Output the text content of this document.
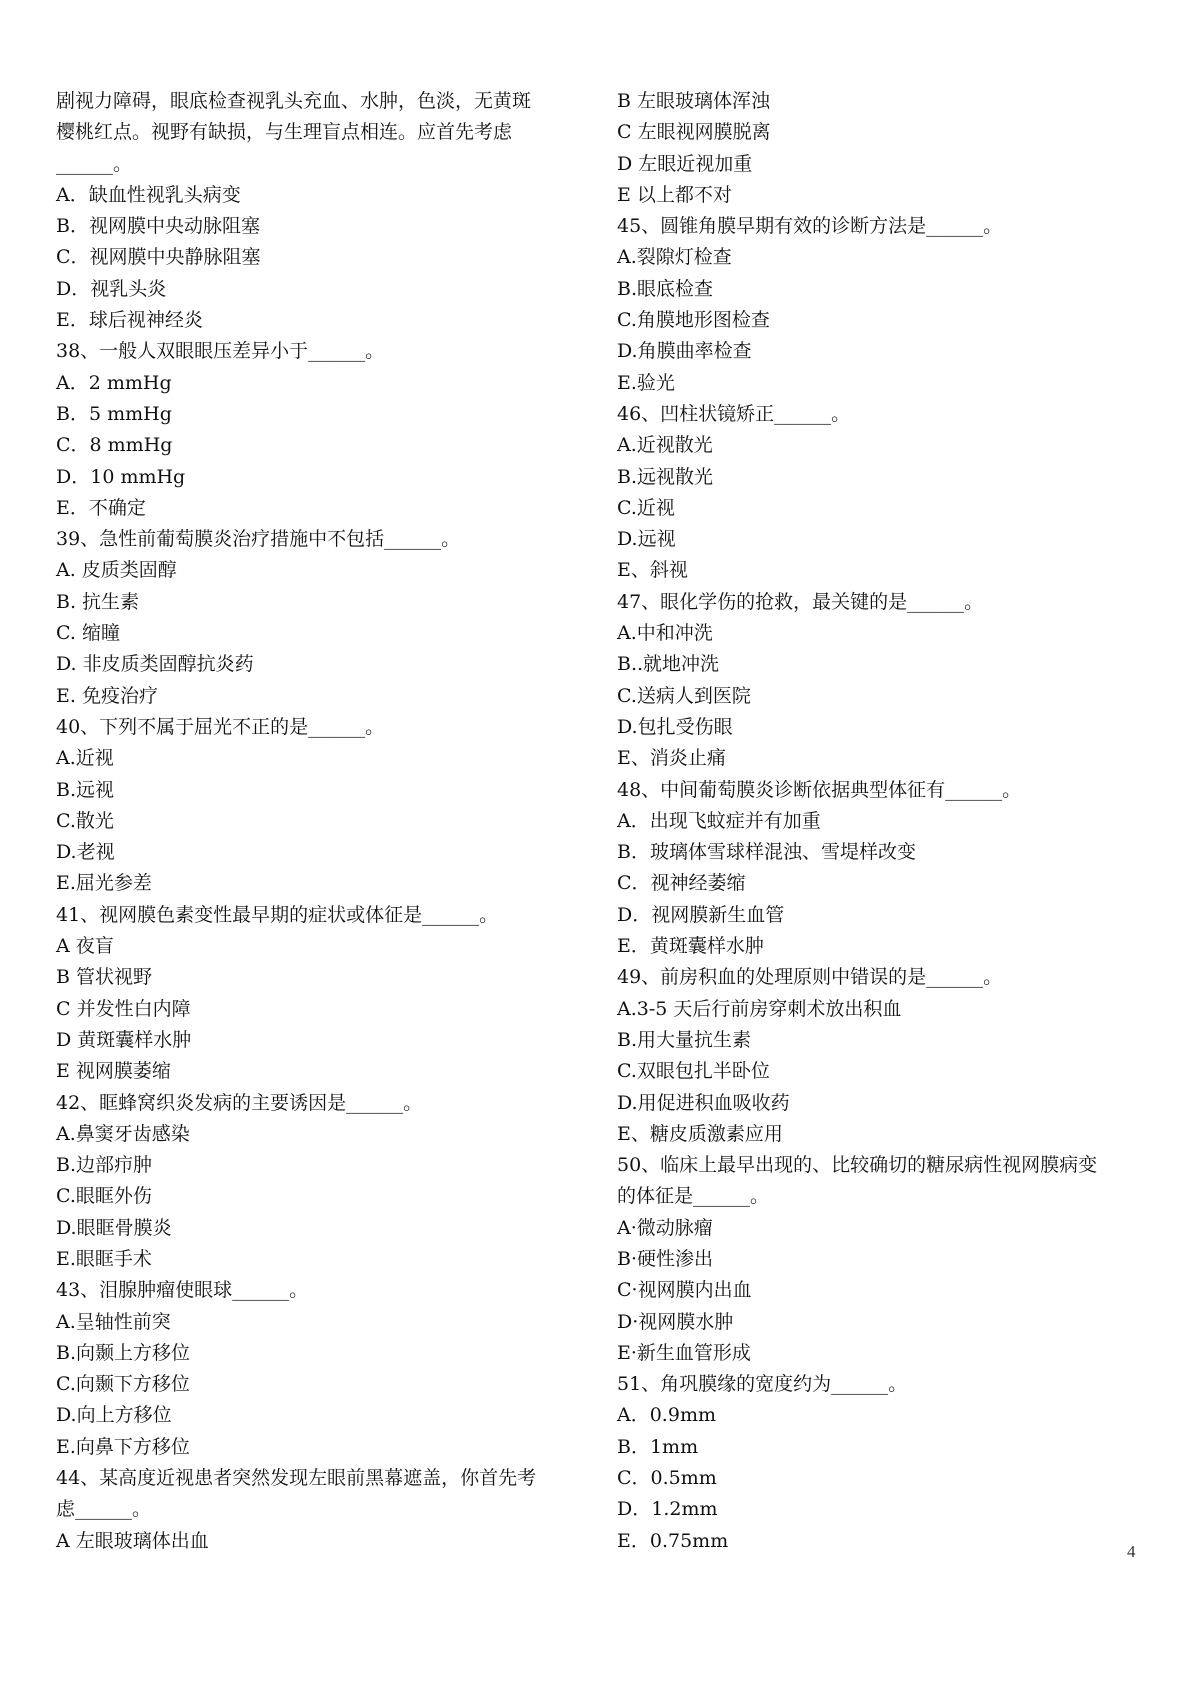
剧视力障碍，眼底检查视乳头充血、水肿，色淡，无黄斑
樱桃红点。视野有缺损，与生理盲点相连。应首先考虑
______。
A．缺血性视乳头病变
B．视网膜中央动脉阻塞
C．视网膜中央静脉阻塞
D．视乳头炎
E．球后视神经炎
38、一般人双眼眼压差异小于______。
A．2 mmHg
B．5 mmHg
C．8 mmHg
D．10 mmHg
E．不确定
39、急性前葡萄膜炎治疗措施中不包括______。
A. 皮质类固醇
B. 抗生素
C. 缩瞳
D. 非皮质类固醇抗炎药
E. 免疫治疗
40、下列不属于屈光不正的是______。
A.近视
B.远视
C.散光
D.老视
E.屈光参差
41、视网膜色素变性最早期的症状或体征是______。
A 夜盲
B 管状视野
C 并发性白内障
D 黄斑囊样水肿
E 视网膜萎缩
42、眶蜂窝织炎发病的主要诱因是______。
A.鼻窦牙齿感染
B.边部疖肿
C.眼眶外伤
D.眼眶骨膜炎
E.眼眶手术
43、泪腺肿瘤使眼球______。
A.呈轴性前突
B.向颞上方移位
C.向颞下方移位
D.向上方移位
E.向鼻下方移位
44、某高度近视患者突然发现左眼前黑幕遮盖，你首先考
虑______。
A 左眼玻璃体出血
B 左眼玻璃体浑浊
C 左眼视网膜脱离
D 左眼近视加重
E 以上都不对
45、圆锥角膜早期有效的诊断方法是______。
A.裂隙灯检查
B.眼底检查
C.角膜地形图检查
D.角膜曲率检查
E.验光
46、凹柱状镜矫正______。
A.近视散光
B.远视散光
C.近视
D.远视
E、斜视
47、眼化学伤的抢救，最关键的是______。
A.中和冲洗
B..就地冲洗
C.送病人到医院
D.包扎受伤眼
E、消炎止痛
48、中间葡萄膜炎诊断依据典型体征有______。
A．出现飞蚊症并有加重
B．玻璃体雪球样混浊、雪堤样改变
C．视神经萎缩
D．视网膜新生血管
E．黄斑囊样水肿
49、前房积血的处理原则中错误的是______。
A.3-5 天后行前房穿刺术放出积血
B.用大量抗生素
C.双眼包扎半卧位
D.用促进积血吸收药
E、糖皮质激素应用
50、临床上最早出现的、比较确切的糖尿病性视网膜病变
的体征是______。
A·微动脉瘤
B·硬性渗出
C·视网膜内出血
D·视网膜水肿
E·新生血管形成
51、角巩膜缘的宽度约为______。
A．0.9mm
B．1mm
C．0.5mm
D．1.2mm
E．0.75mm	4
